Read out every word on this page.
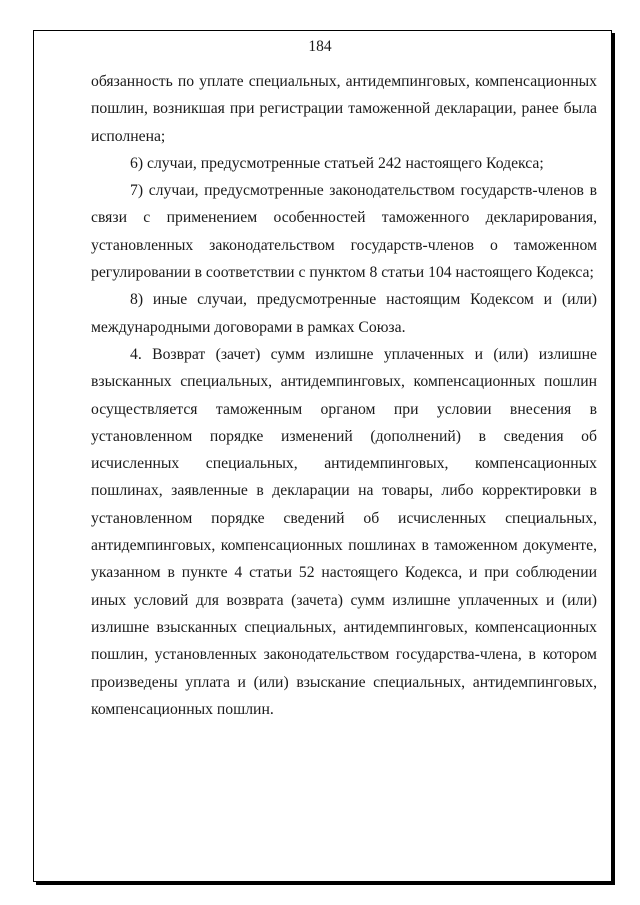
184

обязанность по уплате специальных, антидемпинговых, компенсационных пошлин, возникшая при регистрации таможенной декларации, ранее была исполнена;

6) случаи, предусмотренные статьей 242 настоящего Кодекса;

7) случаи, предусмотренные законодательством государств-членов в связи с применением особенностей таможенного декларирования, установленных законодательством государств-членов о таможенном регулировании в соответствии с пунктом 8 статьи 104 настоящего Кодекса;

8) иные случаи, предусмотренные настоящим Кодексом и (или) международными договорами в рамках Союза.

4. Возврат (зачет) сумм излишне уплаченных и (или) излишне взысканных специальных, антидемпинговых, компенсационных пошлин осуществляется таможенным органом при условии внесения в установленном порядке изменений (дополнений) в сведения об исчисленных специальных, антидемпинговых, компенсационных пошлинах, заявленные в декларации на товары, либо корректировки в установленном порядке сведений об исчисленных специальных, антидемпинговых, компенсационных пошлинах в таможенном документе, указанном в пункте 4 статьи 52 настоящего Кодекса, и при соблюдении иных условий для возврата (зачета) сумм излишне уплаченных и (или) излишне взысканных специальных, антидемпинговых, компенсационных пошлин, установленных законодательством государства-члена, в котором произведены уплата и (или) взыскание специальных, антидемпинговых, компенсационных пошлин.
